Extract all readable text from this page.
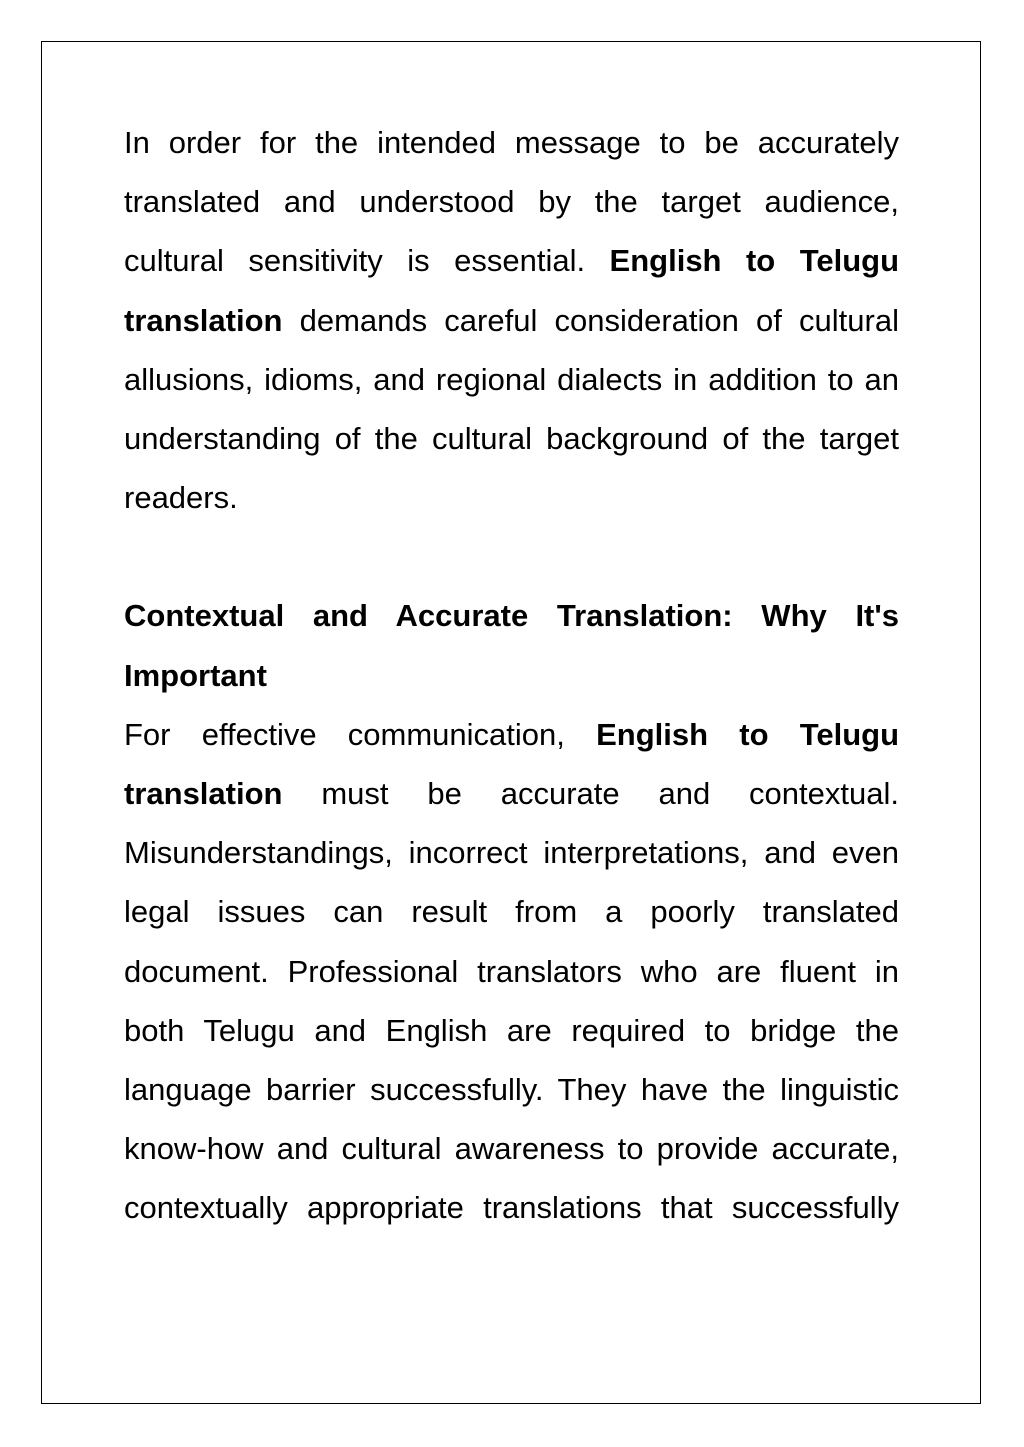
In order for the intended message to be accurately translated and understood by the target audience, cultural sensitivity is essential. English to Telugu translation demands careful consideration of cultural allusions, idioms, and regional dialects in addition to an understanding of the cultural background of the target readers.

Contextual and Accurate Translation: Why It's Important

For effective communication, English to Telugu translation must be accurate and contextual. Misunderstandings, incorrect interpretations, and even legal issues can result from a poorly translated document. Professional translators who are fluent in both Telugu and English are required to bridge the language barrier successfully. They have the linguistic know-how and cultural awareness to provide accurate, contextually appropriate translations that successfully
